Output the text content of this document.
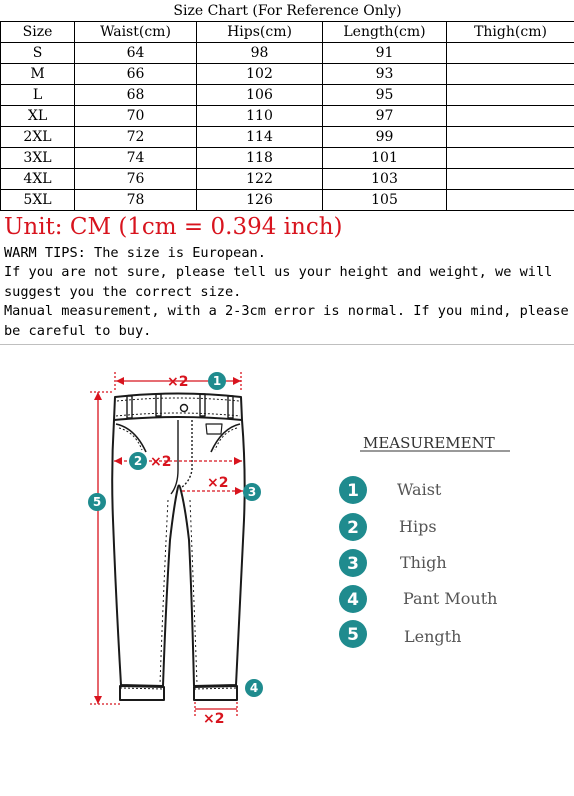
Size Chart (For Reference Only)				
Size	Waist(cm)	Hips(cm)	Length(cm)	Thigh(cm)
S	64	98	91	
M	66	102	93	
L	68	106	95	
XL	70	110	97	
2XL	72	114	99	
3XL	74	118	101	
4XL	76	122	103	
5XL	78	126	105	
Unit: CM (1cm = 0.394 inch)

WARM TIPS: The size is European.

If you are not sure, please tell us your height and weight, we will suggest you the correct size.

Manual measurement, with a 2-3cm error is normal. If you mind, please be careful to buy.

×2
×2
×2
×2
1
2
3
4
5
MEASUREMENT
1
2
3
4
5
Waist
Hips
Thigh
Pant Mouth
Length
